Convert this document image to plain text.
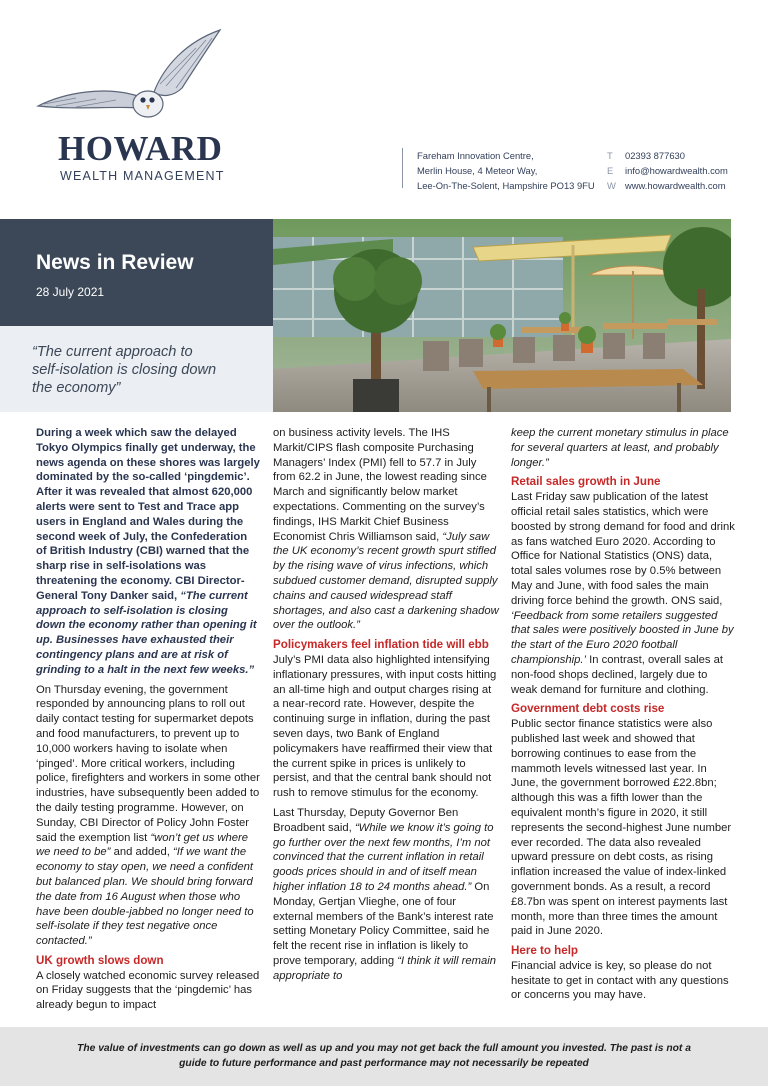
HOWARD
WEALTH MANAGEMENT
Fareham Innovation Centre,
Merlin House, 4 Meteor Way,
Lee-On-The-Solent, Hampshire PO13 9FU
T	02393 877630
E	info@howardwealth.com
W www.howardwealth.com
News in Review
28 July 2021
“The current approach to
self-isolation is closing down
the economy”

During a week which saw the delayed Tokyo Olympics finally get underway, the news agenda on these shores was largely dominated by the so-called ‘pingdemic’. After it was revealed that almost 620,000 alerts were sent to Test and Trace app users in England and Wales during the second week of July, the Confederation of British Industry (CBI) warned that the sharp rise in self-isolations was threatening the economy. CBI Director-General Tony Danker said, “The current approach to self-isolation is closing down the economy rather than opening it up. Businesses have exhausted their contingency plans and are at risk of grinding to a halt in the next few weeks.”

On Thursday evening, the government responded by announcing plans to roll out daily contact testing for supermarket depots and food manufacturers, to prevent up to 10,000 workers having to isolate when ‘pinged’. More critical workers, including police, firefighters and workers in some other industries, have subsequently been added to the daily testing programme. However, on Sunday, CBI Director of Policy John Foster said the exemption list “won’t get us where we need to be” and added, “If we want the economy to stay open, we need a confident but balanced plan. We should bring forward the date from 16 August when those who have been double-jabbed no longer need to self-isolate if they test negative once contacted.”

UK growth slows down

A closely watched economic survey released on Friday suggests that the ‘pingdemic’ has already begun to impact

on business activity levels. The IHS Markit/CIPS flash composite Purchasing Managers’ Index (PMI) fell to 57.7 in July from 62.2 in June, the lowest reading since March and significantly below market expectations. Commenting on the survey’s findings, IHS Markit Chief Business Economist Chris Williamson said, “July saw the UK economy’s recent growth spurt stifled by the rising wave of virus infections, which subdued customer demand, disrupted supply chains and caused widespread staff shortages, and also cast a darkening shadow over the outlook.”

Policymakers feel inflation tide will ebb

July’s PMI data also highlighted intensifying inflationary pressures, with input costs hitting an all-time high and output charges rising at a near-record rate. However, despite the continuing surge in inflation, during the past seven days, two Bank of England policymakers have reaffirmed their view that the current spike in prices is unlikely to persist, and that the central bank should not rush to remove stimulus for the economy.

Last Thursday, Deputy Governor Ben Broadbent said, “While we know it’s going to go further over the next few months, I’m not convinced that the current inflation in retail goods prices should in and of itself mean higher inflation 18 to 24 months ahead.” On Monday, Gertjan Vlieghe, one of four external members of the Bank’s interest rate setting Monetary Policy Committee, said he felt the recent rise in inflation is likely to prove temporary, adding “I think it will remain appropriate to

keep the current monetary stimulus in place for several quarters at least, and probably longer.”

Retail sales growth in June

Last Friday saw publication of the latest official retail sales statistics, which were boosted by strong demand for food and drink as fans watched Euro 2020. According to Office for National Statistics (ONS) data, total sales volumes rose by 0.5% between May and June, with food sales the main driving force behind the growth. ONS said, ‘Feedback from some retailers suggested that sales were positively boosted in June by the start of the Euro 2020 football championship.’ In contrast, overall sales at non-food shops declined, largely due to weak demand for furniture and clothing.

Government debt costs rise

Public sector finance statistics were also published last week and showed that borrowing continues to ease from the mammoth levels witnessed last year. In June, the government borrowed £22.8bn; although this was a fifth lower than the equivalent month’s figure in 2020, it still represents the second-highest June number ever recorded. The data also revealed upward pressure on debt costs, as rising inflation increased the value of index-linked government bonds. As a result, a record £8.7bn was spent on interest payments last month, more than three times the amount paid in June 2020.

Here to help

Financial advice is key, so please do not hesitate to get in contact with any questions or concerns you may have.

The value of investments can go down as well as up and you may not get back the full amount you invested. The past is not a
guide to future performance and past performance may not necessarily be repeated
